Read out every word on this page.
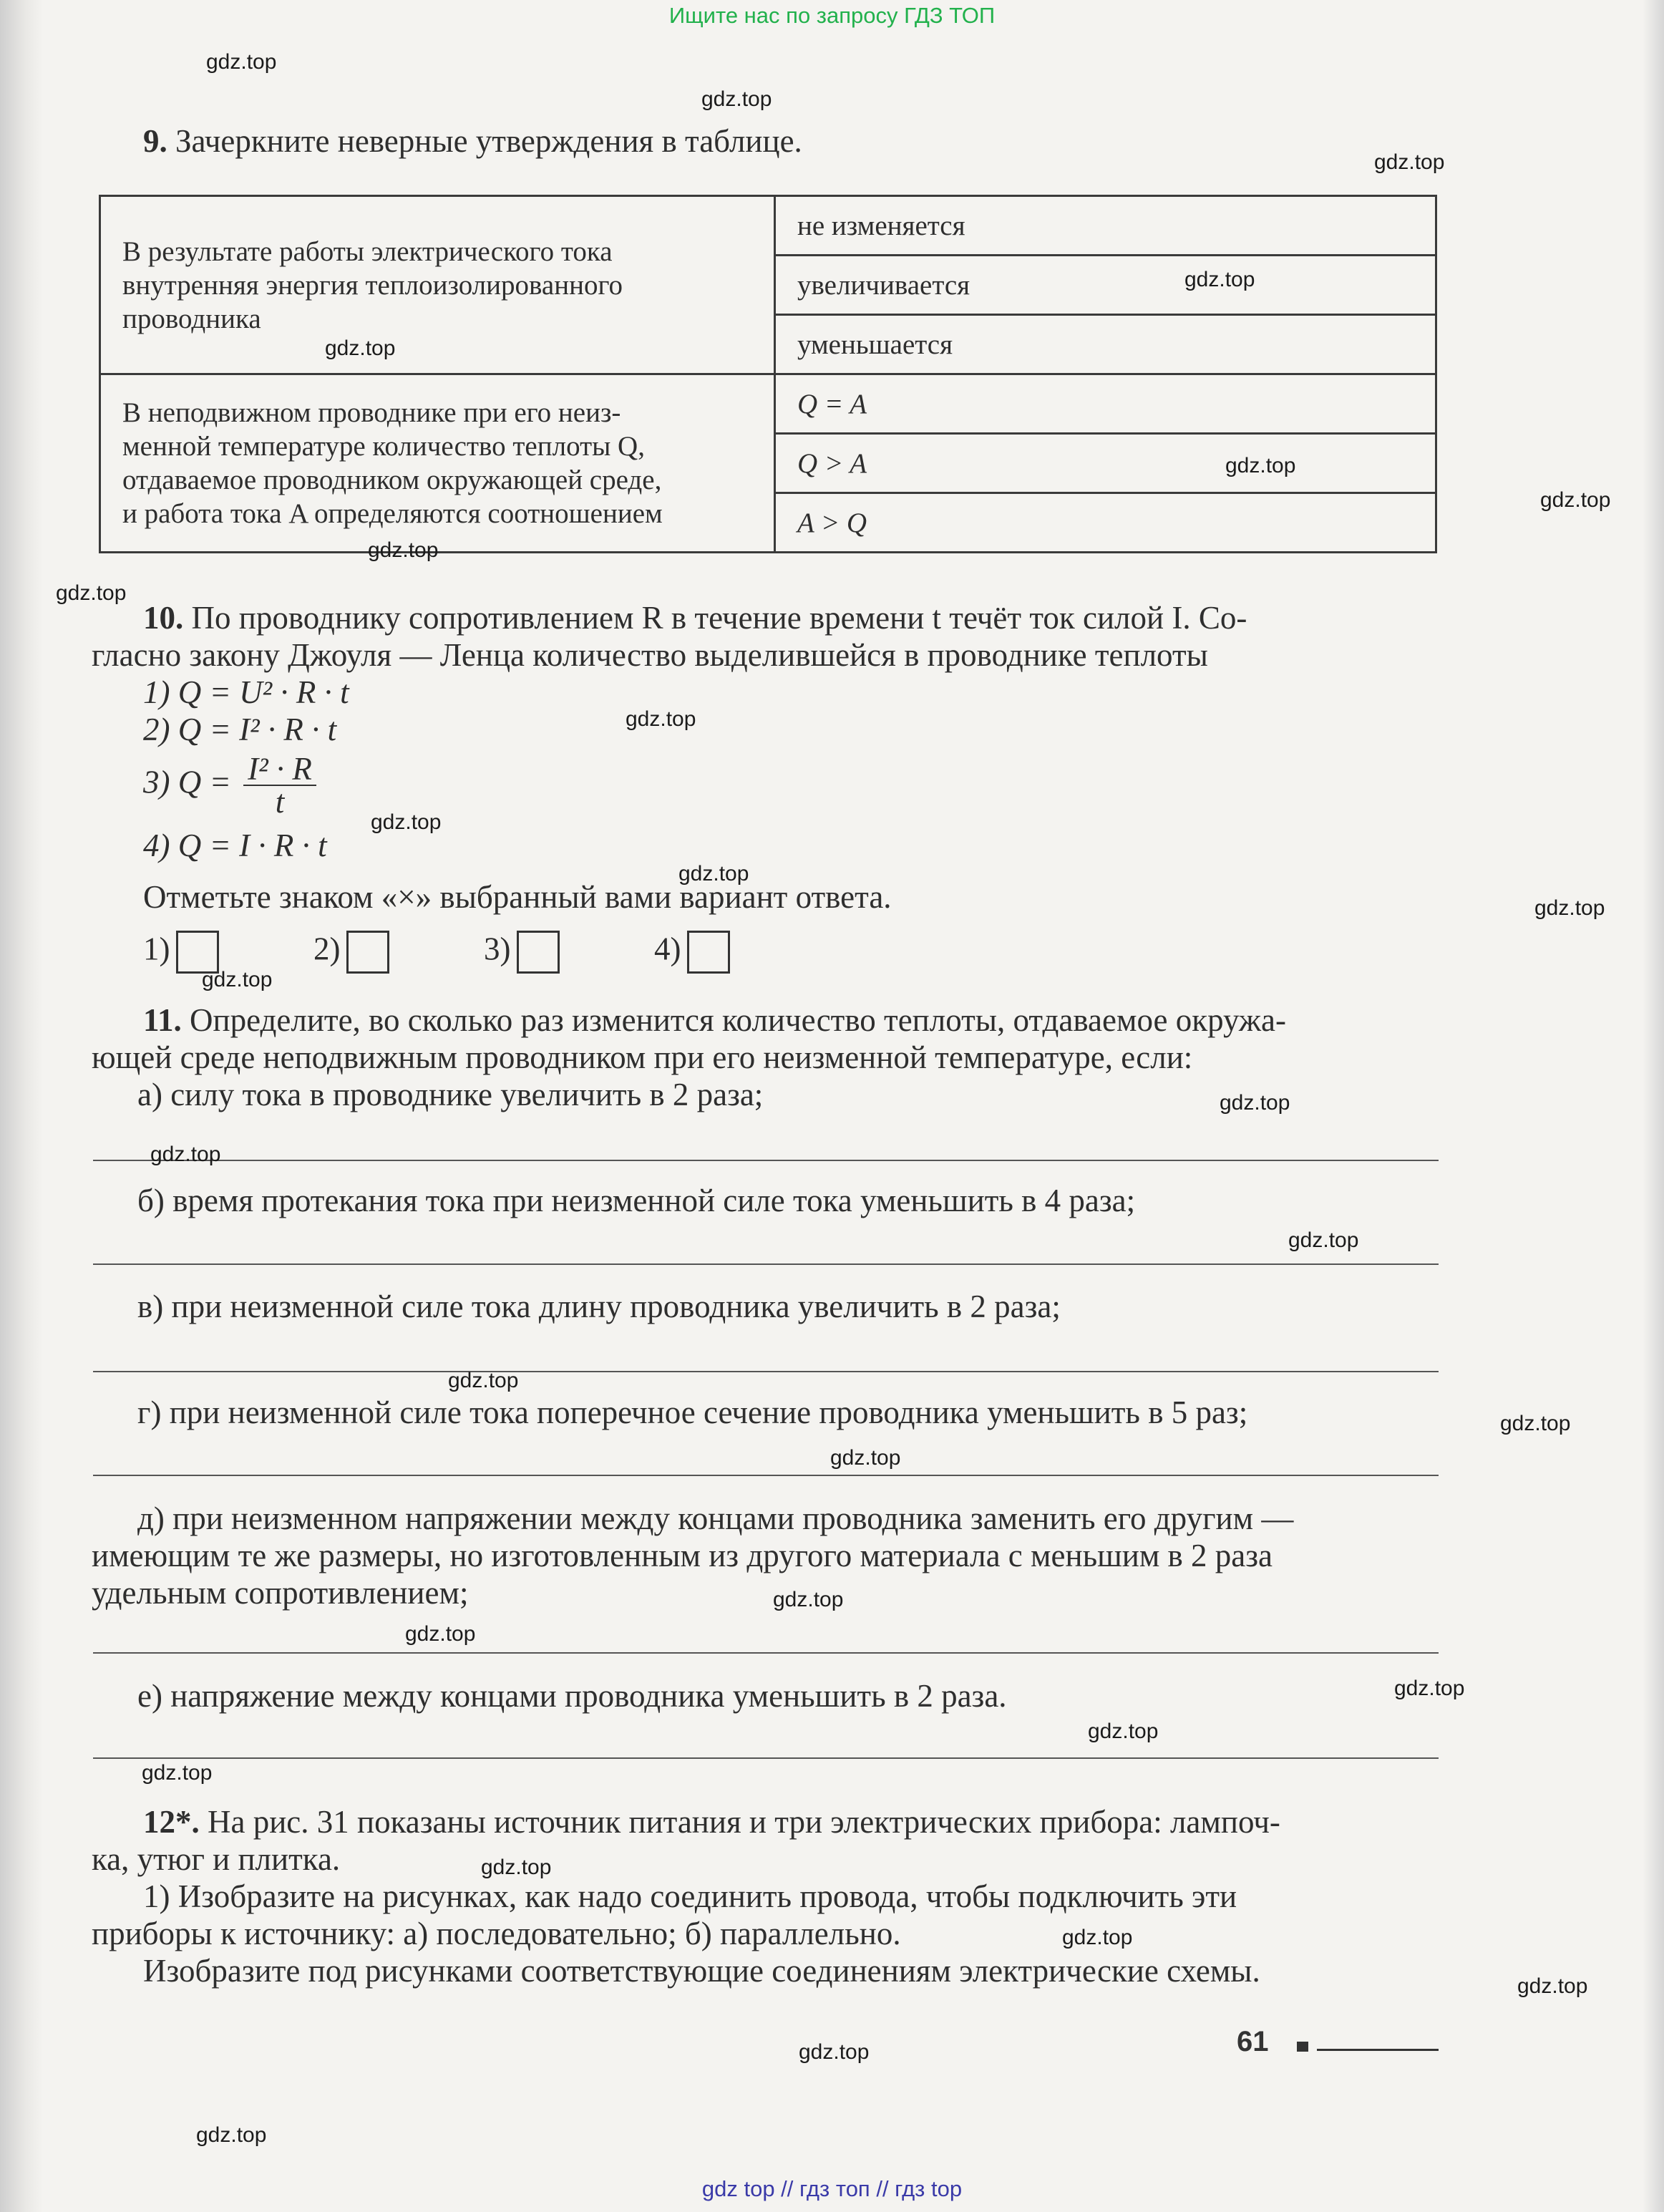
Ищите нас по запросу ГДЗ ТОП
9. Зачеркните неверные утверждения в таблице.
В результате работы электрического тока
внутренняя энергия теплоизолированного
проводника	не изменяется
	увеличивается
	уменьшается

В неподвижном проводнике при его неиз-
менной температуре количество теплоты Q,
отдаваемое проводником окружающей среде,
и работа тока A определяются соотношением	Q = A
	Q > A
	A > Q
10. По проводнику сопротивлением R в течение времени t течёт ток силой I. Со-
гласно закону Джоуля — Ленца количество выделившейся в проводнике теплоты
1) Q = U² · R · t
2) Q = I² · R · t
3) $Q = \frac{\text{I² · R}}{t}$
4) Q = I · R · t
Отметьте знаком «×» выбранный вами вариант ответа.
1)	2)	3)	4)
11. Определите, во сколько раз изменится количество теплоты, отдаваемое окружа-
ющей среде неподвижным проводником при его неизменной температуре, если:
а) силу тока в проводнике увеличить в 2 раза;
б) время протекания тока при неизменной силе тока уменьшить в 4 раза;
в) при неизменной силе тока длину проводника увеличить в 2 раза;
г) при неизменной силе тока поперечное сечение проводника уменьшить в 5 раз;
д) при неизменном напряжении между концами проводника заменить его другим —
имеющим те же размеры, но изготовленным из другого материала с меньшим в 2 раза
удельным сопротивлением;
е) напряжение между концами проводника уменьшить в 2 раза.
12*. На рис. 31 показаны источник питания и три электрических прибора: лампоч-
ка, утюг и плитка.
1) Изобразите на рисунках, как надо соединить провода, чтобы подключить эти
приборы к источнику: а) последовательно; б) параллельно.
Изобразите под рисунками соответствующие соединениям электрические схемы.
61
gdz.top
gdz.top
gdz.top
gdz.top
gdz.top
gdz.top
gdz.top
gdz.top
gdz.top
gdz.top
gdz.top
gdz.top
gdz.top
gdz.top
gdz.top
gdz.top
gdz.top
gdz.top
gdz.top
gdz.top
gdz.top
gdz.top
gdz.top
gdz.top
gdz.top
gdz.top
gdz.top
gdz.top
gdz.top
gdz.top
gdz top // гдз топ // гдз top
